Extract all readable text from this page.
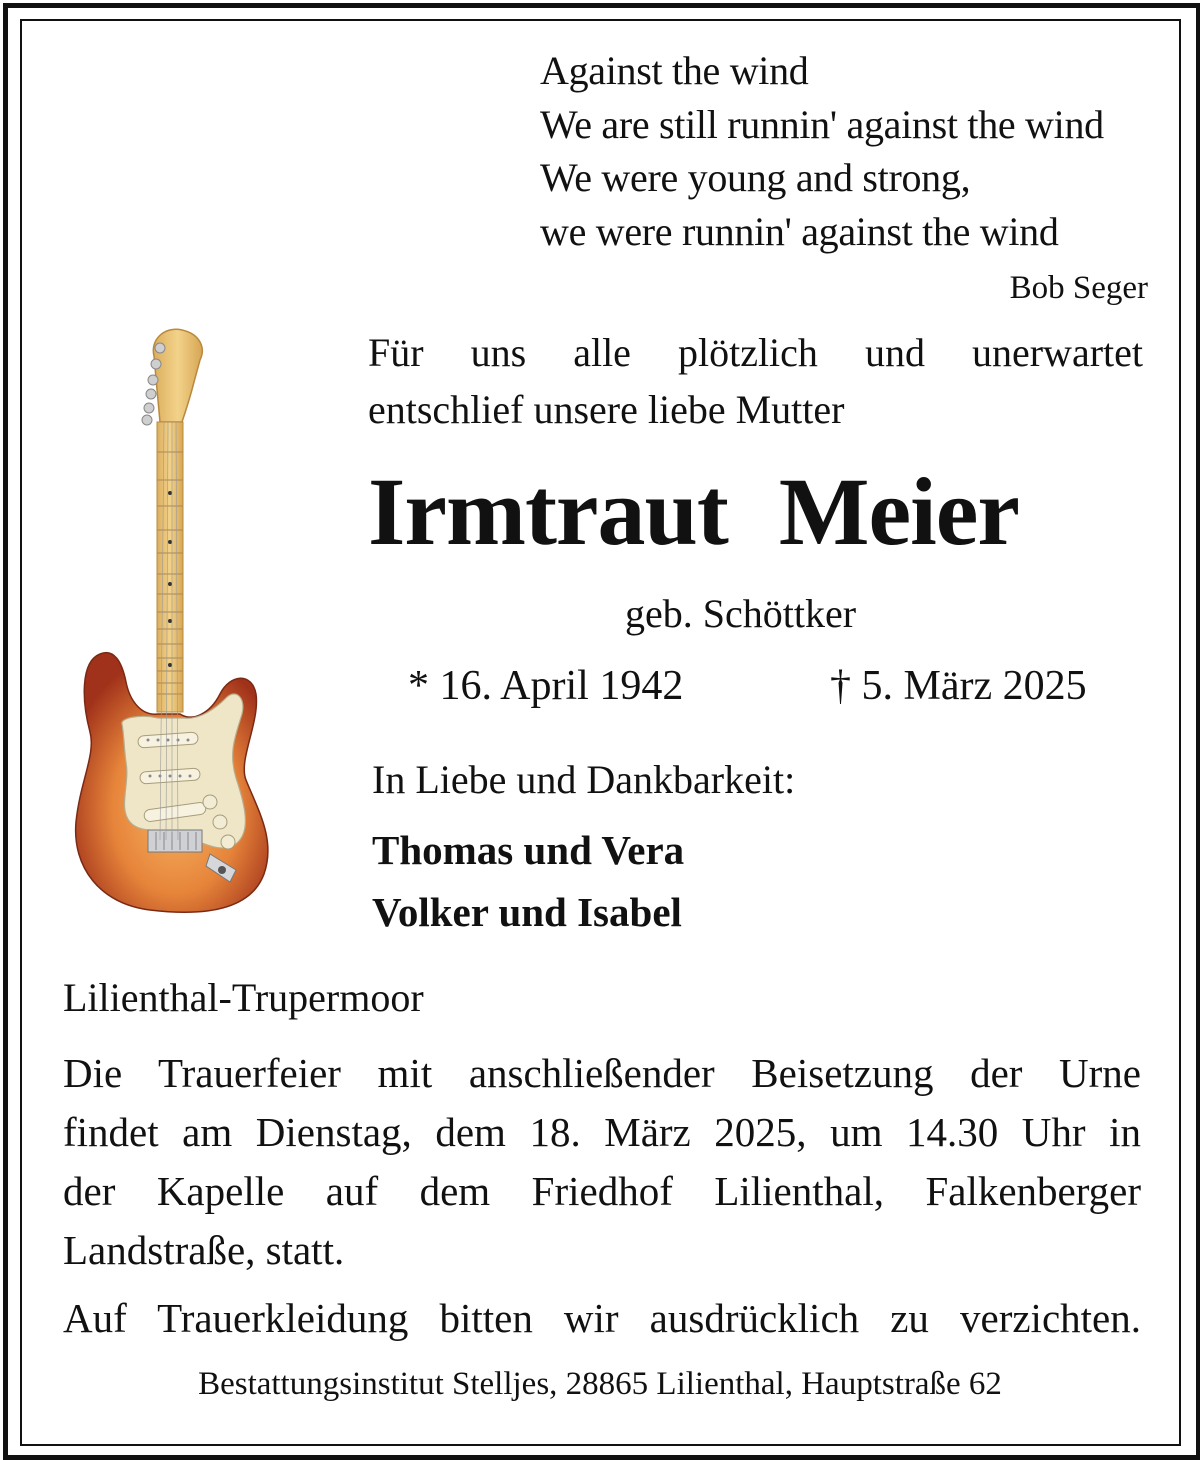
Against the wind
We are still runnin' against the wind
We were young and strong,
we were runnin' against the wind
Bob Seger
Für uns alle plötzlich und unerwartet
entschlief unsere liebe Mutter
Irmtraut Meier
geb. Schöttker
* 16. April 1942	† 5. März 2025
In Liebe und Dankbarkeit:
Thomas und Vera
Volker und Isabel
Lilienthal-Trupermoor
Die Trauerfeier mit anschließender Beisetzung der Urne
findet am Dienstag, dem 18. März 2025, um 14.30 Uhr in
der Kapelle auf dem Friedhof Lilienthal, Falkenberger
Landstraße, statt.
Auf Trauerkleidung bitten wir ausdrücklich zu verzichten.
Bestattungsinstitut Stelljes, 28865 Lilienthal, Hauptstraße 62
